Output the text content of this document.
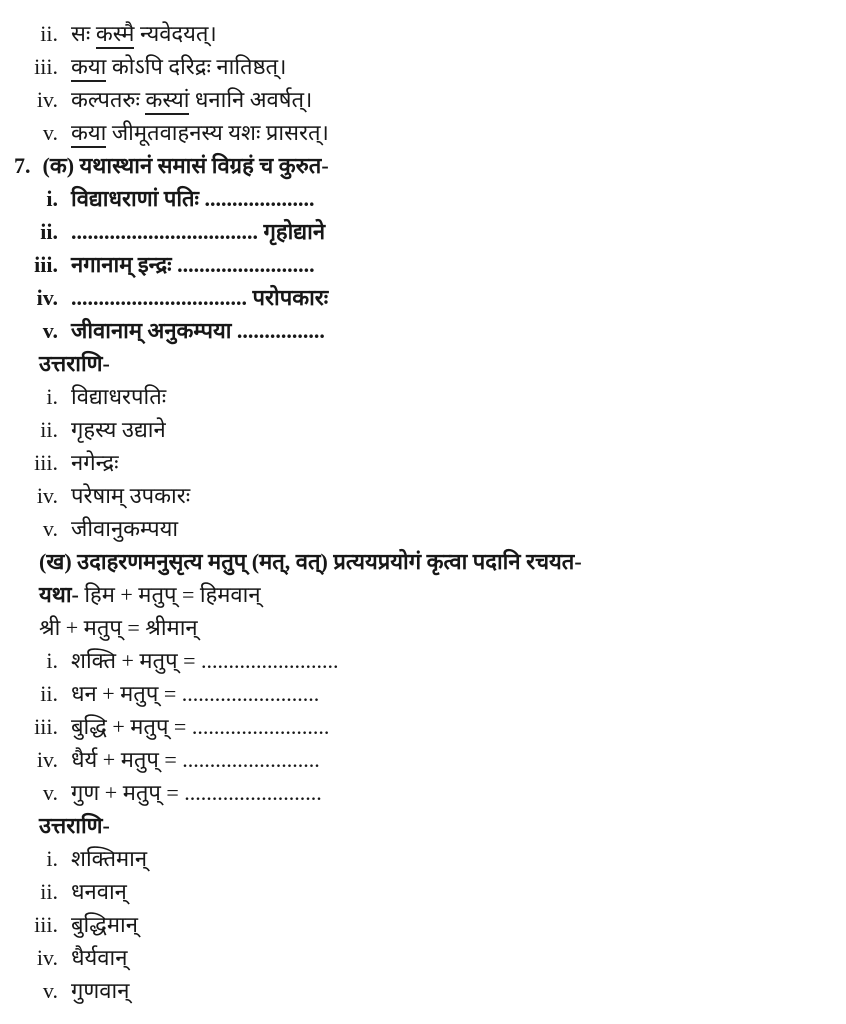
ii. सः कस्मै न्यवेदयत्।
iii. कया कोऽपि दरिद्रः नातिष्ठत्।
iv. कल्पतरुः कस्यां धनानि अवर्षत्।
v. कया जीमूतवाहनस्य यशः प्रासरत्।
7. (क) यथास्थानं समासं विग्रहं च कुरुत-
i. विद्याधराणां पतिः ....................
ii. .................................. गृहोद्याने
iii. नगानाम् इन्द्रः .........................
iv. ................................ परोपकारः
v. जीवानाम् अनुकम्पया ................
उत्तराणि-
i. विद्याधरपतिः
ii. गृहस्य उद्याने
iii. नगेन्द्रः
iv. परेषाम् उपकारः
v. जीवानुकम्पया
(ख) उदाहरणमनुसृत्य मतुप् (मत्, वत्) प्रत्ययप्रयोगं कृत्वा पदानि रचयत-
यथा- हिम + मतुप् = हिमवान्
श्री + मतुप् = श्रीमान्
i. शक्ति + मतुप् = .........................
ii. धन + मतुप् = .........................
iii. बुद्धि + मतुप् = .........................
iv. धैर्य + मतुप् = .........................
v. गुण + मतुप् = .........................
उत्तराणि-
i. शक्तिमान्
ii. धनवान्
iii. बुद्धिमान्
iv. धैर्यवान्
v. गुणवान्
